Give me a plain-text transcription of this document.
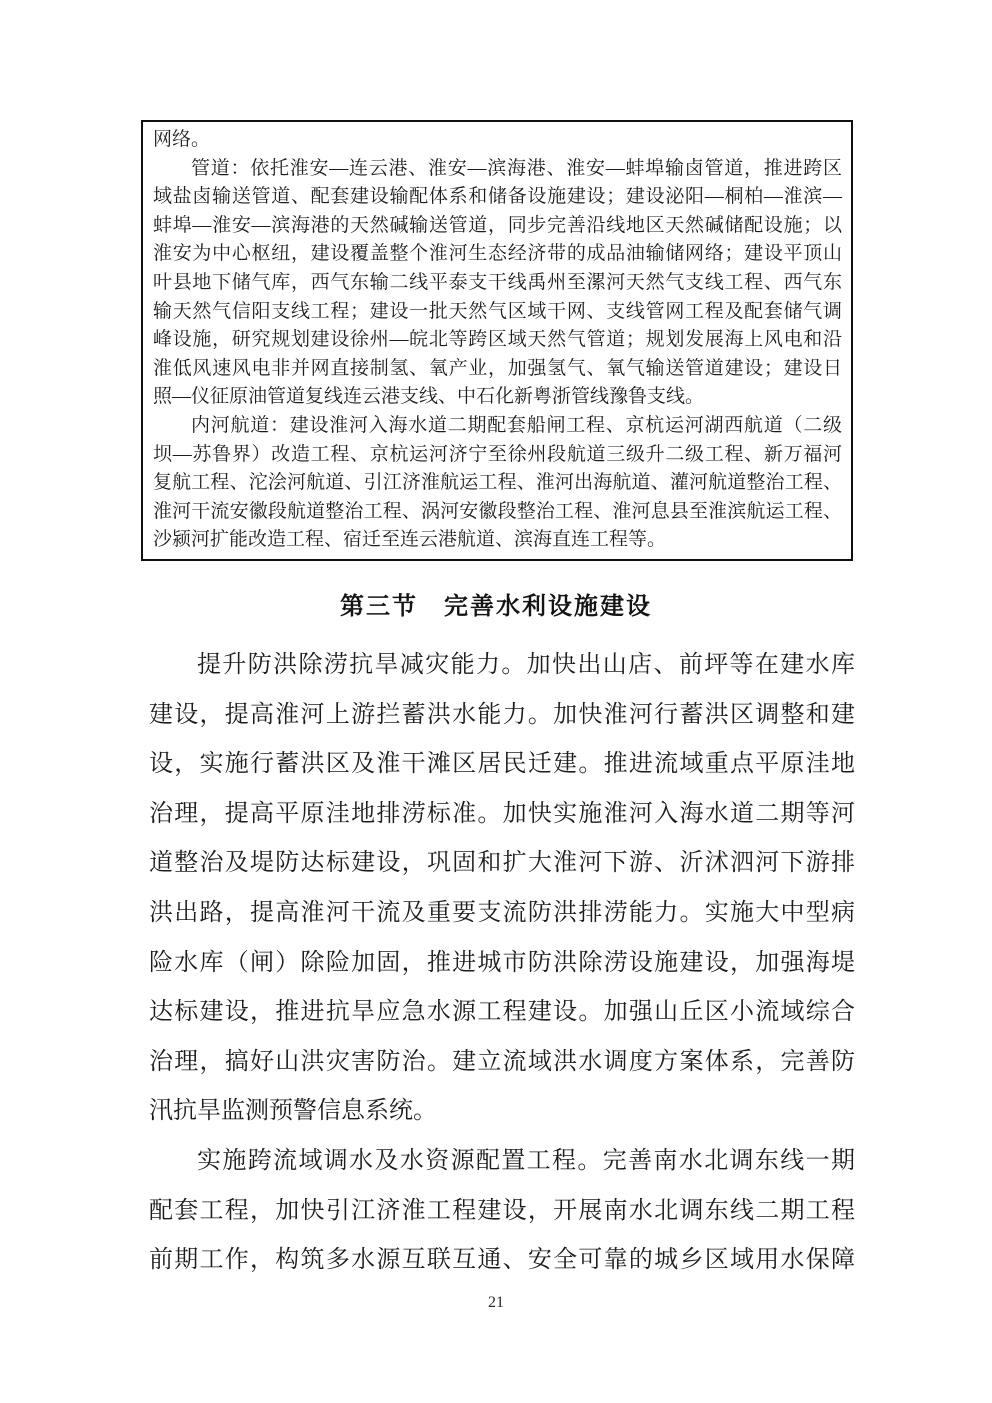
网络。
管道：依托淮安—连云港、淮安—滨海港、淮安—蚌埠输卤管道，推进跨区
域盐卤输送管道、配套建设输配体系和储备设施建设；建设泌阳—桐柏—淮滨—
蚌埠—淮安—滨海港的天然碱输送管道，同步完善沿线地区天然碱储配设施；以
淮安为中心枢纽，建设覆盖整个淮河生态经济带的成品油输储网络；建设平顶山
叶县地下储气库，西气东输二线平泰支干线禹州至漯河天然气支线工程、西气东
输天然气信阳支线工程；建设一批天然气区域干网、支线管网工程及配套储气调
峰设施，研究规划建设徐州—皖北等跨区域天然气管道；规划发展海上风电和沿
淮低风速风电非并网直接制氢、氧产业，加强氢气、氧气输送管道建设；建设日
照—仪征原油管道复线连云港支线、中石化新粤浙管线豫鲁支线。
内河航道：建设淮河入海水道二期配套船闸工程、京杭运河湖西航道（二级
坝—苏鲁界）改造工程、京杭运河济宁至徐州段航道三级升二级工程、新万福河
复航工程、沱浍河航道、引江济淮航运工程、淮河出海航道、灌河航道整治工程、
淮河干流安徽段航道整治工程、涡河安徽段整治工程、淮河息县至淮滨航运工程、
沙颍河扩能改造工程、宿迁至连云港航道、滨海直连工程等。
第三节 完善水利设施建设
提升防洪除涝抗旱减灾能力。加快出山店、前坪等在建水库
建设，提高淮河上游拦蓄洪水能力。加快淮河行蓄洪区调整和建
设，实施行蓄洪区及淮干滩区居民迁建。推进流域重点平原洼地
治理，提高平原洼地排涝标准。加快实施淮河入海水道二期等河
道整治及堤防达标建设，巩固和扩大淮河下游、沂沭泗河下游排
洪出路，提高淮河干流及重要支流防洪排涝能力。实施大中型病
险水库（闸）除险加固，推进城市防洪除涝设施建设，加强海堤
达标建设，推进抗旱应急水源工程建设。加强山丘区小流域综合
治理，搞好山洪灾害防治。建立流域洪水调度方案体系，完善防
汛抗旱监测预警信息系统。
实施跨流域调水及水资源配置工程。完善南水北调东线一期
配套工程，加快引江济淮工程建设，开展南水北调东线二期工程
前期工作，构筑多水源互联互通、安全可靠的城乡区域用水保障
21
